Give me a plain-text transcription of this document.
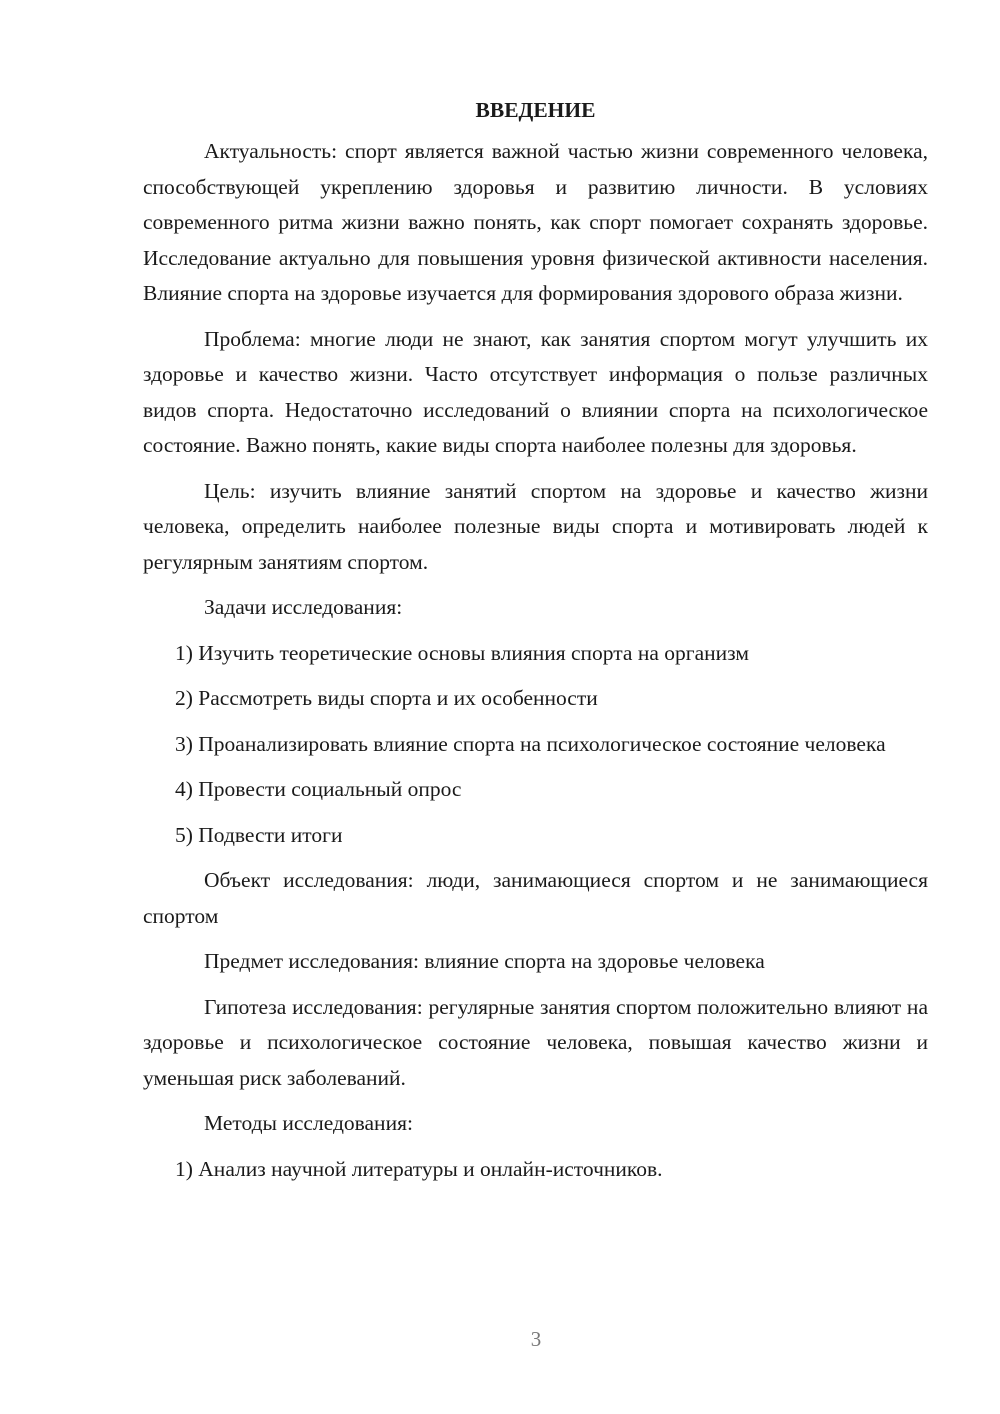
ВВЕДЕНИЕ

Актуальность: спорт является важной частью жизни современного человека, способствующей укреплению здоровья и развитию личности. В условиях современного ритма жизни важно понять, как спорт помогает сохранять здоровье. Исследование актуально для повышения уровня физической активности населения. Влияние спорта на здоровье изучается для формирования здорового образа жизни.

Проблема: многие люди не знают, как занятия спортом могут улучшить их здоровье и качество жизни. Часто отсутствует информация о пользе различных видов спорта. Недостаточно исследований о влиянии спорта на психологическое состояние. Важно понять, какие виды спорта наиболее полезны для здоровья.

Цель: изучить влияние занятий спортом на здоровье и качество жизни человека, определить наиболее полезные виды спорта и мотивировать людей к регулярным занятиям спортом.

Задачи исследования:

1) Изучить теоретические основы влияния спорта на организм

2) Рассмотреть виды спорта и их особенности

3) Проанализировать влияние спорта на психологическое состояние человека

4) Провести социальный опрос

5) Подвести итоги

Объект исследования: люди, занимающиеся спортом и не занимающиеся спортом

Предмет исследования: влияние спорта на здоровье человека

Гипотеза исследования: регулярные занятия спортом положительно влияют на здоровье и психологическое состояние человека, повышая качество жизни и уменьшая риск заболеваний.

Методы исследования:

1) Анализ научной литературы и онлайн-источников.

3
